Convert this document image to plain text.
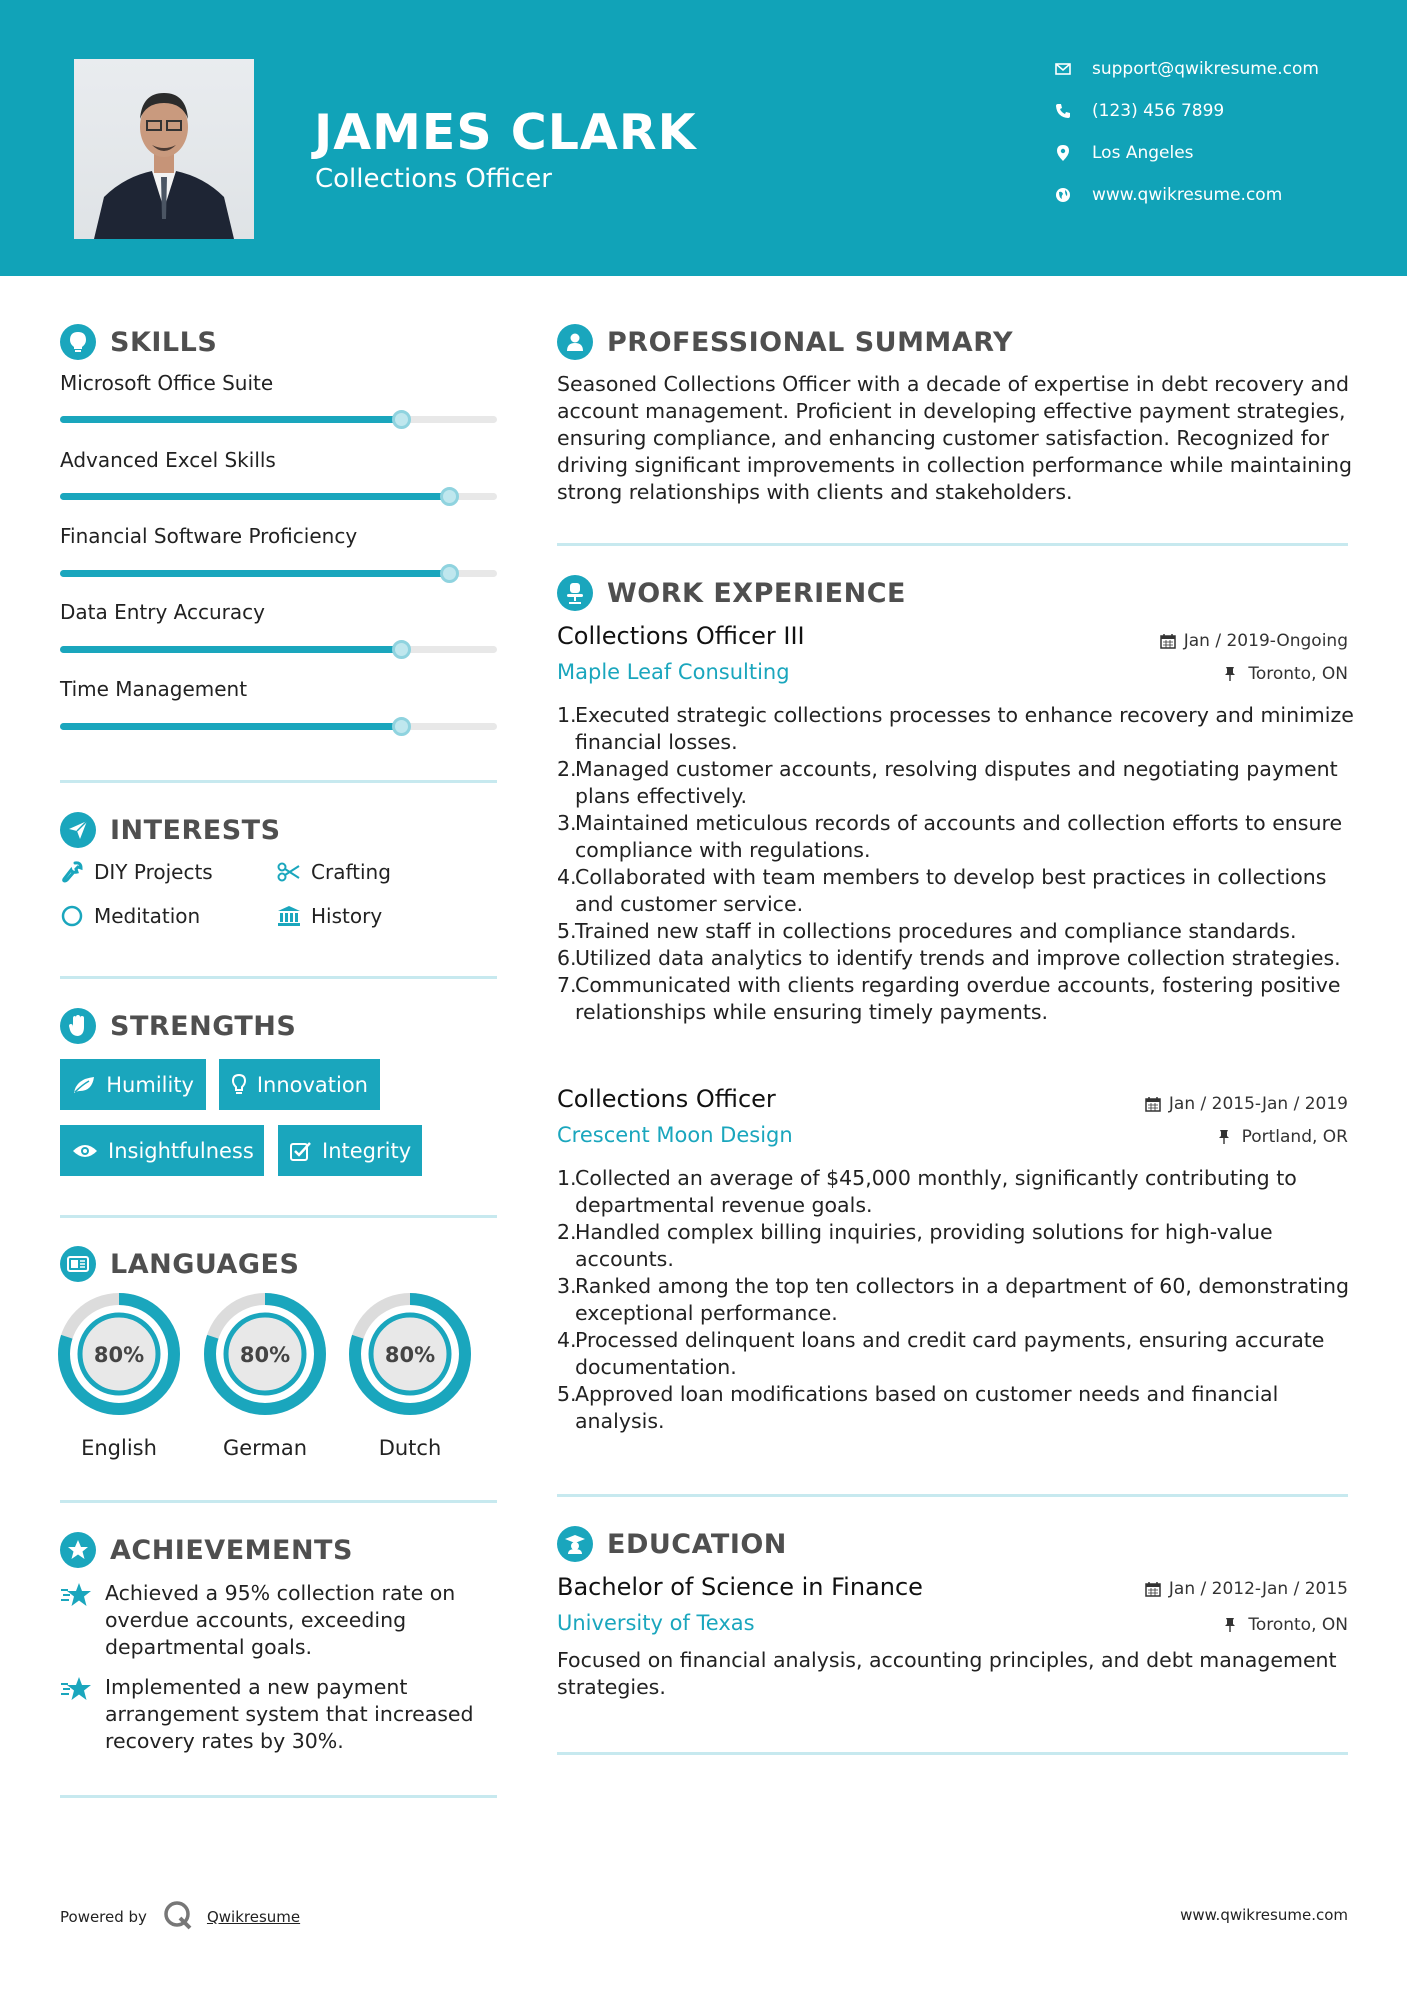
JAMES CLARK
Collections Officer
support@qwikresume.com
(123) 456 7899
Los Angeles
www.qwikresume.com
SKILLS
Microsoft Office Suite
Advanced Excel Skills
Financial Software Proficiency
Data Entry Accuracy
Time Management
INTERESTS
DIY Projects	Crafting
Meditation	History
STRENGTHS
Humility	Innovation
Insightfulness	Integrity
LANGUAGES
80%
English
80%
German
80%
Dutch
ACHIEVEMENTS
Achieved a 95% collection rate on overdue accounts, exceeding departmental goals.
Implemented a new payment arrangement system that increased recovery rates by 30%.
PROFESSIONAL SUMMARY
Seasoned Collections Officer with a decade of expertise in debt recovery and account management. Proficient in developing effective payment strategies, ensuring compliance, and enhancing customer satisfaction. Recognized for driving significant improvements in collection performance while maintaining strong relationships with clients and stakeholders.
WORK EXPERIENCE
Collections Officer III	Jan / 2019-Ongoing
Maple Leaf Consulting	Toronto, ON
1.
Executed strategic collections processes to enhance recovery and minimize financial losses.
2.
Managed customer accounts, resolving disputes and negotiating payment plans effectively.
3.
Maintained meticulous records of accounts and collection efforts to ensure compliance with regulations.
4.
Collaborated with team members to develop best practices in collections and customer service.
5.
Trained new staff in collections procedures and compliance standards.
6.
Utilized data analytics to identify trends and improve collection strategies.
7.
Communicated with clients regarding overdue accounts, fostering positive relationships while ensuring timely payments.
Collections Officer	Jan / 2015-Jan / 2019
Crescent Moon Design	Portland, OR
1.
Collected an average of $45,000 monthly, significantly contributing to departmental revenue goals.
2.
Handled complex billing inquiries, providing solutions for high-value accounts.
3.
Ranked among the top ten collectors in a department of 60, demonstrating exceptional performance.
4.
Processed delinquent loans and credit card payments, ensuring accurate documentation.
5.
Approved loan modifications based on customer needs and financial analysis.
EDUCATION
Bachelor of Science in Finance	Jan / 2012-Jan / 2015
University of Texas	Toronto, ON
Focused on financial analysis, accounting principles, and debt management strategies.
Powered by	Qwikresume	www.qwikresume.com
